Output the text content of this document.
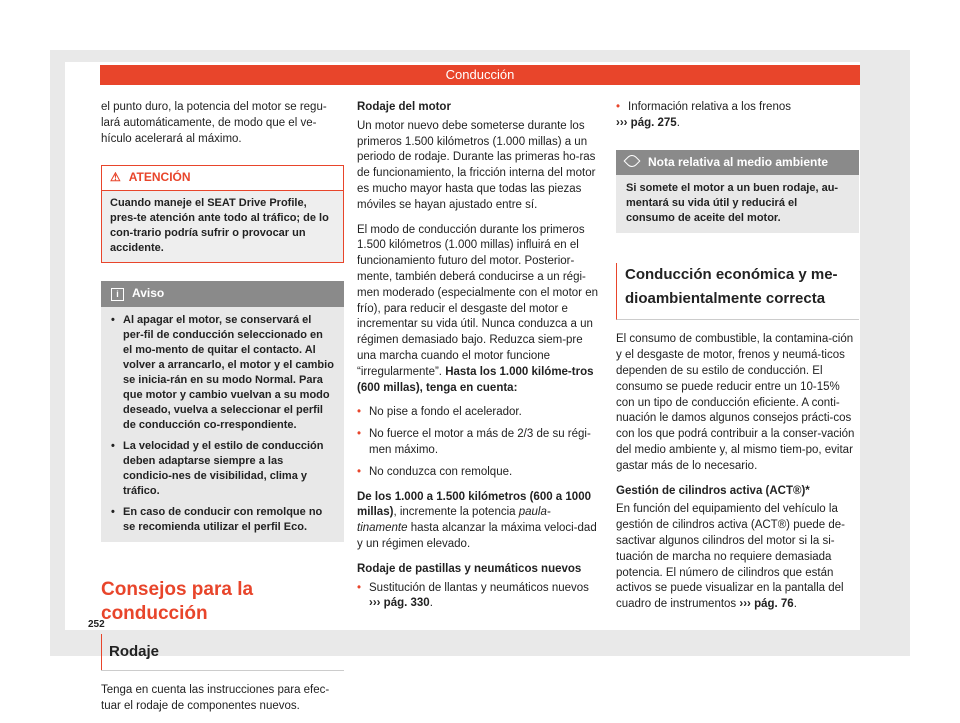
Conducción

el punto duro, la potencia del motor se regu-lará automáticamente, de modo que el ve-hículo acelerará al máximo.

⚠ ATENCIÓN
Cuando maneje el SEAT Drive Profile, pres-te atención ante todo al tráfico; de lo con-trario podría sufrir o provocar un accidente.
i Aviso
• Al apagar el motor, se conservará el per-fil de conducción seleccionado en el mo-mento de quitar el contacto. Al volver a arrancarlo, el motor y el cambio se inicia-rán en su modo Normal. Para que motor y cambio vuelvan a su modo deseado, vuelva a seleccionar el perfil de conducción co-rrespondiente.
• La velocidad y el estilo de conducción deben adaptarse siempre a las condicio-nes de visibilidad, clima y tráfico.
• En caso de conducir con remolque no se recomienda utilizar el perfil Eco.
Consejos para la conducción
Rodaje

Tenga en cuenta las instrucciones para efec-tuar el rodaje de componentes nuevos.

Rodaje del motor

Un motor nuevo debe someterse durante los primeros 1.500 kilómetros (1.000 millas) a un periodo de rodaje. Durante las primeras ho-ras de funcionamiento, la fricción interna del motor es mucho mayor hasta que todas las piezas móviles se hayan ajustado entre sí.

El modo de conducción durante los primeros 1.500 kilómetros (1.000 millas) influirá en el funcionamiento futuro del motor. Posterior-mente, también deberá conducirse a un régi-men moderado (especialmente con el motor en frío), para reducir el desgaste del motor e incrementar su vida útil. Nunca conduzca a un régimen demasiado bajo. Reduzca siem-pre una marcha cuando el motor funcione “irregularmente”. Hasta los 1.000 kilóme-tros (600 millas), tenga en cuenta:

• No pise a fondo el acelerador.
• No fuerce el motor a más de 2/3 de su régi-men máximo.
• No conduzca con remolque.

De los 1.000 a 1.500 kilómetros (600 a 1000 millas), incremente la potencia paula-tinamente hasta alcanzar la máxima veloci-dad y un régimen elevado.

Rodaje de pastillas y neumáticos nuevos

• Sustitución de llantas y neumáticos nuevos ››› pág. 330.
• Información relativa a los frenos
››› pág. 275.
Nota relativa al medio ambiente
Si somete el motor a un buen rodaje, au-mentará su vida útil y reducirá el consumo de aceite del motor.
Conducción económica y me-dioambientalmente correcta

El consumo de combustible, la contamina-ción y el desgaste de motor, frenos y neumá-ticos dependen de su estilo de conducción. El consumo se puede reducir entre un 10-15% con un tipo de conducción eficiente. A conti-nuación le damos algunos consejos prácti-cos con los que podrá contribuir a la conser-vación del medio ambiente y, al mismo tiem-po, evitar gastar más de lo necesario.

Gestión de cilindros activa (ACT®)*

En función del equipamiento del vehículo la gestión de cilindros activa (ACT®) puede de-sactivar algunos cilindros del motor si la si-tuación de marcha no requiere demasiada potencia. El número de cilindros que están activos se puede visualizar en la pantalla del cuadro de instrumentos ››› pág. 76.

252
